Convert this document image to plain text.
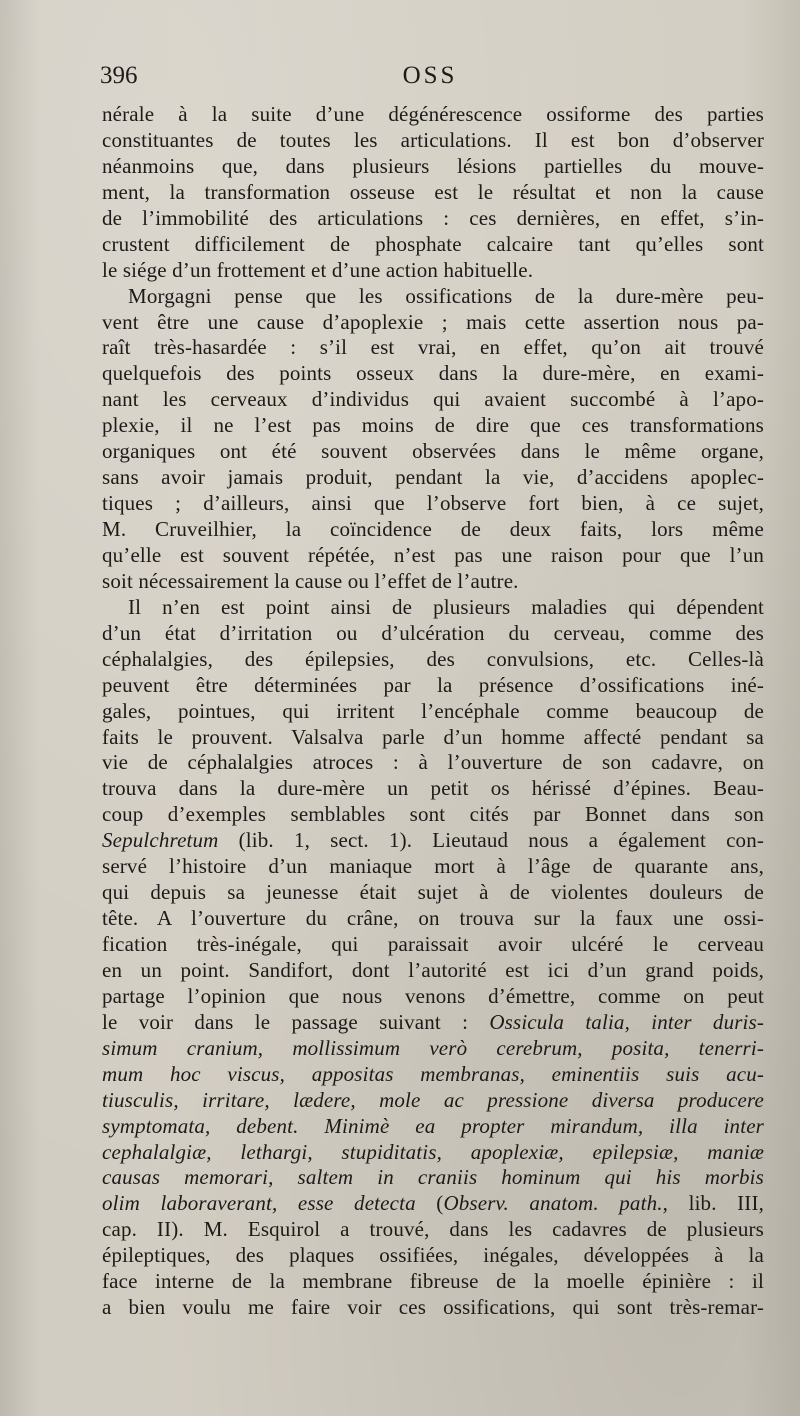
396	OSS
nérale à la suite d’une dégénérescence ossiforme des parties
constituantes de toutes les articulations. Il est bon d’observer
néanmoins que, dans plusieurs lésions partielles du mouve-
ment, la transformation osseuse est le résultat et non la cause
de l’immobilité des articulations : ces dernières, en effet, s’in-
crustent difficilement de phosphate calcaire tant qu’elles sont
le siége d’un frottement et d’une action habituelle.
Morgagni pense que les ossifications de la dure-mère peu-
vent être une cause d’apoplexie ; mais cette assertion nous pa-
raît très-hasardée : s’il est vrai, en effet, qu’on ait trouvé
quelquefois des points osseux dans la dure-mère, en exami-
nant les cerveaux d’individus qui avaient succombé à l’apo-
plexie, il ne l’est pas moins de dire que ces transformations
organiques ont été souvent observées dans le même organe,
sans avoir jamais produit, pendant la vie, d’accidens apoplec-
tiques ; d’ailleurs, ainsi que l’observe fort bien, à ce sujet,
M. Cruveilhier, la coïncidence de deux faits, lors même
qu’elle est souvent répétée, n’est pas une raison pour que l’un
soit nécessairement la cause ou l’effet de l’autre.
Il n’en est point ainsi de plusieurs maladies qui dépendent
d’un état d’irritation ou d’ulcération du cerveau, comme des
céphalalgies, des épilepsies, des convulsions, etc. Celles-là
peuvent être déterminées par la présence d’ossifications iné-
gales, pointues, qui irritent l’encéphale comme beaucoup de
faits le prouvent. Valsalva parle d’un homme affecté pendant sa
vie de céphalalgies atroces : à l’ouverture de son cadavre, on
trouva dans la dure-mère un petit os hérissé d’épines. Beau-
coup d’exemples semblables sont cités par Bonnet dans son
Sepulchretum (lib. 1, sect. 1). Lieutaud nous a également con-
servé l’histoire d’un maniaque mort à l’âge de quarante ans,
qui depuis sa jeunesse était sujet à de violentes douleurs de
tête. A l’ouverture du crâne, on trouva sur la faux une ossi-
fication très-inégale, qui paraissait avoir ulcéré le cerveau
en un point. Sandifort, dont l’autorité est ici d’un grand poids,
partage l’opinion que nous venons d’émettre, comme on peut
le voir dans le passage suivant : Ossicula talia, inter duris-
simum cranium, mollissimum verò cerebrum, posita, tenerri-
mum hoc viscus, appositas membranas, eminentiis suis acu-
tiusculis, irritare, lædere, mole ac pressione diversa producere
symptomata, debent. Minimè ea propter mirandum, illa inter
cephalalgiæ, lethargi, stupiditatis, apoplexiæ, epilepsiæ, maniæ
causas memorari, saltem in craniis hominum qui his morbis
olim laboraverant, esse detecta (Observ. anatom. path., lib. III,
cap. II). M. Esquirol a trouvé, dans les cadavres de plusieurs
épileptiques, des plaques ossifiées, inégales, développées à la
face interne de la membrane fibreuse de la moelle épinière : il
a bien voulu me faire voir ces ossifications, qui sont très-remar-
